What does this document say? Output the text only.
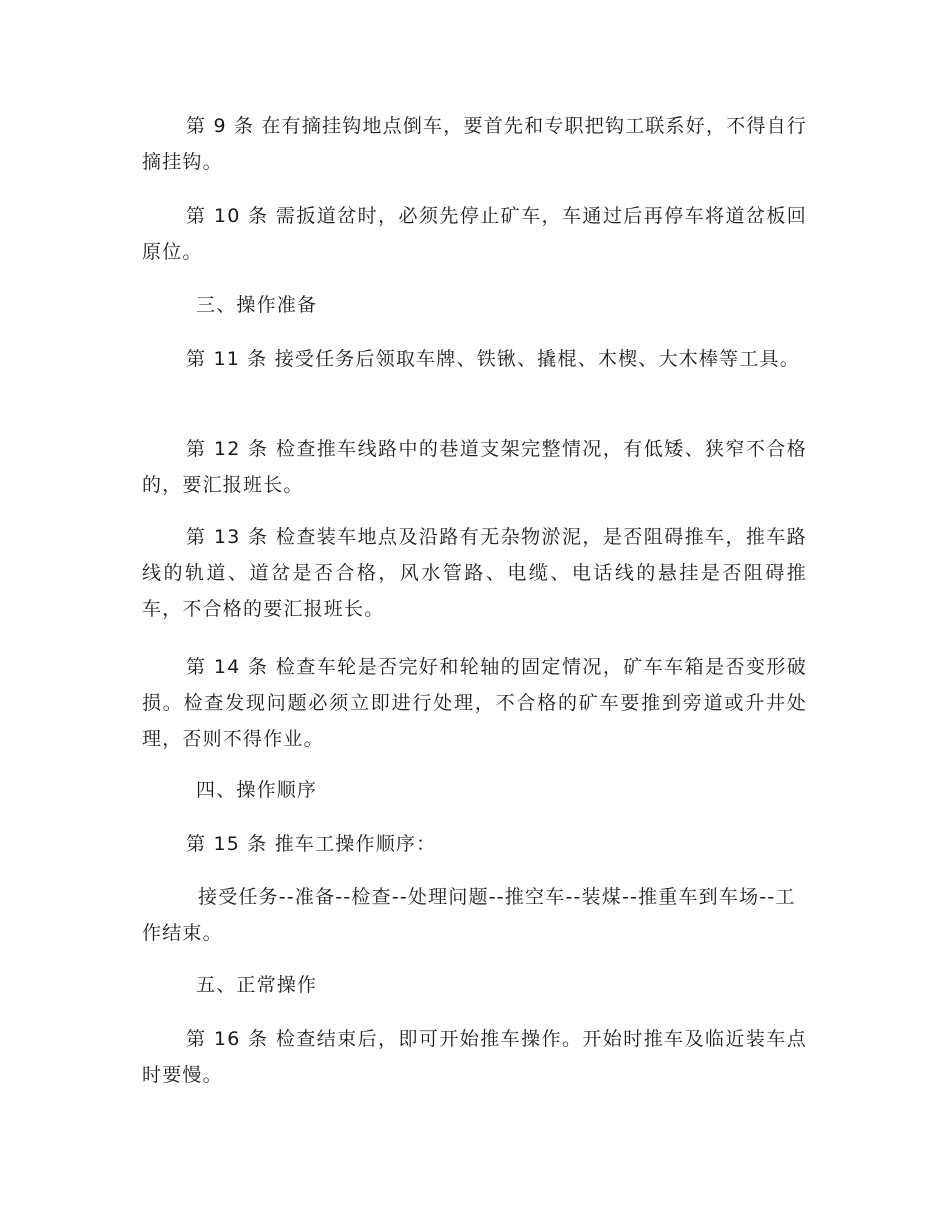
第 9 条 在有摘挂钩地点倒车，要首先和专职把钩工联系好，不得自行摘挂钩。

第 10 条 需扳道岔时，必须先停止矿车，车通过后再停车将道岔板回原位。

三、操作准备

第 11 条 接受任务后领取车牌、铁锹、撬棍、木楔、大木棒等工具。

第 12 条 检查推车线路中的巷道支架完整情况，有低矮、狭窄不合格的，要汇报班长。

第 13 条 检查装车地点及沿路有无杂物淤泥，是否阻碍推车，推车路线的轨道、道岔是否合格，风水管路、电缆、电话线的悬挂是否阻碍推车，不合格的要汇报班长。

第 14 条 检查车轮是否完好和轮轴的固定情况，矿车车箱是否变形破损。检查发现问题必须立即进行处理，不合格的矿车要推到旁道或升井处理，否则不得作业。

四、操作顺序

第 15 条 推车工操作顺序：

接受任务--准备--检查--处理问题--推空车--装煤--推重车到车场--工作结束。

五、正常操作

第 16 条 检查结束后，即可开始推车操作。开始时推车及临近装车点时要慢。
